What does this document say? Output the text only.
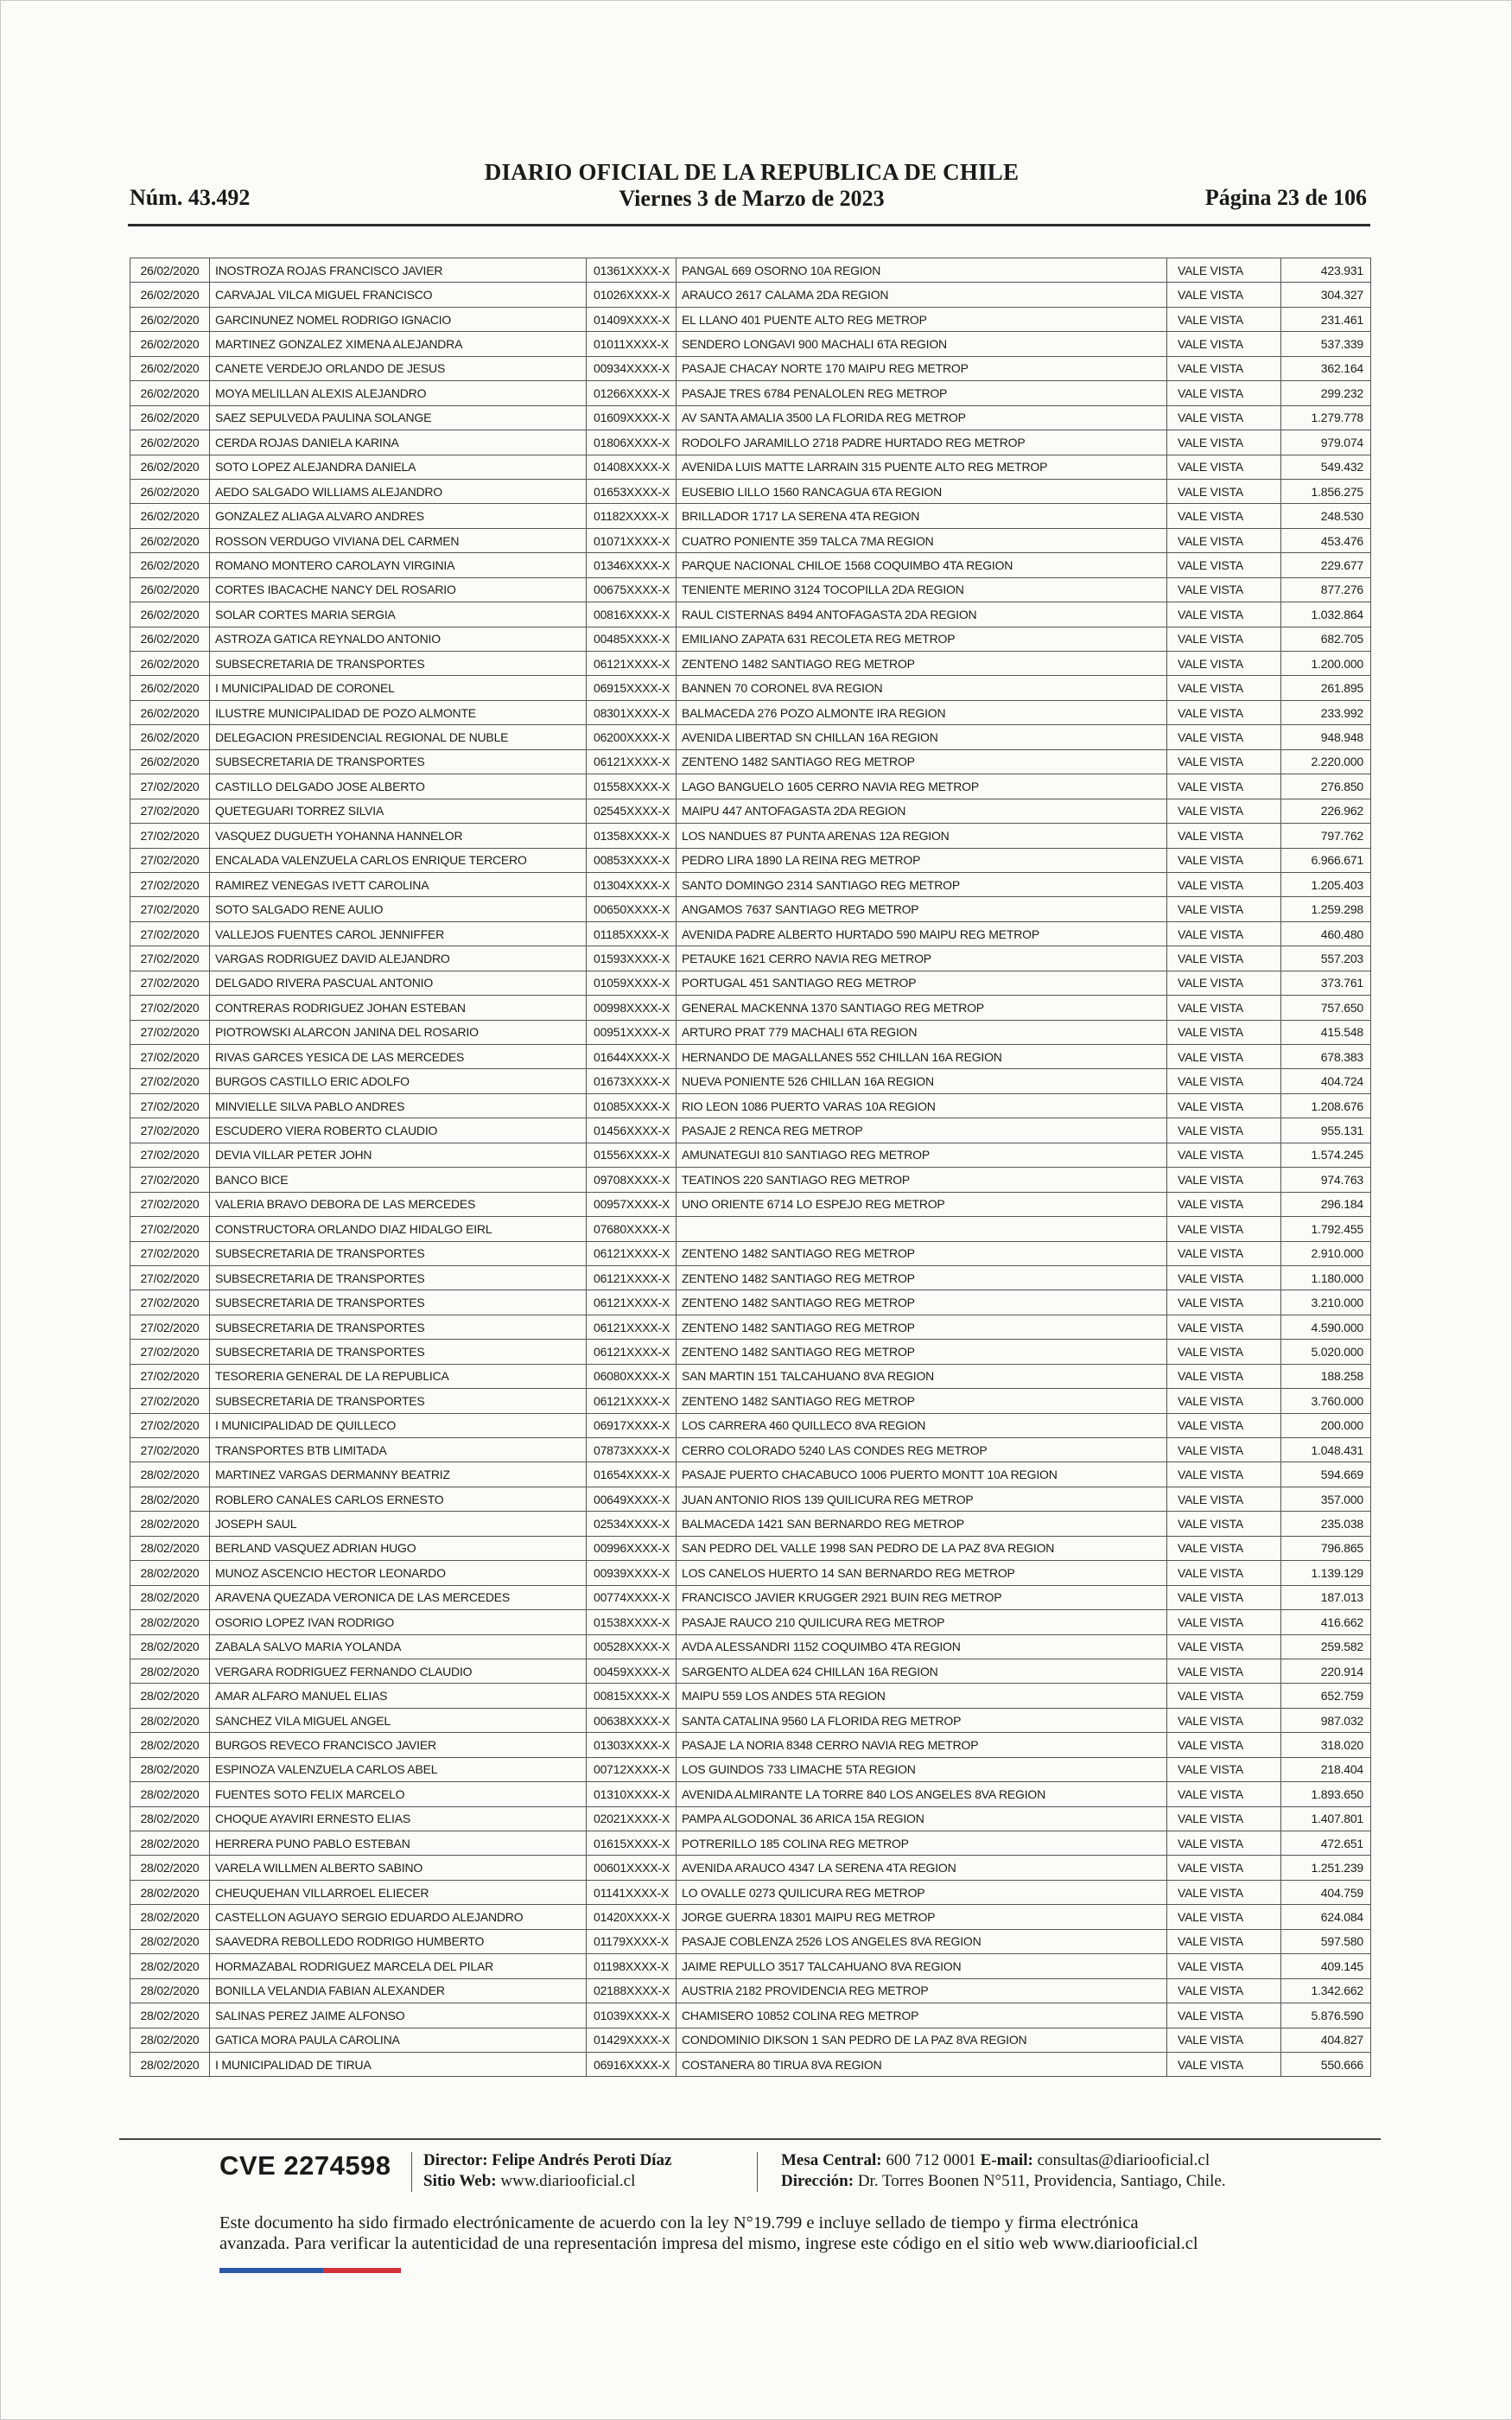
Núm. 43.492
DIARIO OFICIAL DE LA REPUBLICA DE CHILE
Viernes 3 de Marzo de 2023	Página 23 de 106
26/02/2020	INOSTROZA ROJAS FRANCISCO JAVIER	01361XXXX-X	PANGAL 669 OSORNO 10A REGION	VALE VISTA	423.931
26/02/2020	CARVAJAL VILCA MIGUEL FRANCISCO	01026XXXX-X	ARAUCO 2617 CALAMA 2DA REGION	VALE VISTA	304.327
26/02/2020	GARCINUNEZ NOMEL RODRIGO IGNACIO	01409XXXX-X	EL LLANO 401 PUENTE ALTO REG METROP	VALE VISTA	231.461
26/02/2020	MARTINEZ GONZALEZ XIMENA ALEJANDRA	01011XXXX-X	SENDERO LONGAVI 900 MACHALI 6TA REGION	VALE VISTA	537.339
26/02/2020	CANETE VERDEJO ORLANDO DE JESUS	00934XXXX-X	PASAJE CHACAY NORTE 170 MAIPU REG METROP	VALE VISTA	362.164
26/02/2020	MOYA MELILLAN ALEXIS ALEJANDRO	01266XXXX-X	PASAJE TRES 6784 PENALOLEN REG METROP	VALE VISTA	299.232
26/02/2020	SAEZ SEPULVEDA PAULINA SOLANGE	01609XXXX-X	AV SANTA AMALIA 3500 LA FLORIDA REG METROP	VALE VISTA	1.279.778
26/02/2020	CERDA ROJAS DANIELA KARINA	01806XXXX-X	RODOLFO JARAMILLO 2718 PADRE HURTADO REG METROP	VALE VISTA	979.074
26/02/2020	SOTO LOPEZ ALEJANDRA DANIELA	01408XXXX-X	AVENIDA LUIS MATTE LARRAIN 315 PUENTE ALTO REG METROP	VALE VISTA	549.432
26/02/2020	AEDO SALGADO WILLIAMS ALEJANDRO	01653XXXX-X	EUSEBIO LILLO 1560 RANCAGUA 6TA REGION	VALE VISTA	1.856.275
26/02/2020	GONZALEZ ALIAGA ALVARO ANDRES	01182XXXX-X	BRILLADOR 1717 LA SERENA 4TA REGION	VALE VISTA	248.530
26/02/2020	ROSSON VERDUGO VIVIANA DEL CARMEN	01071XXXX-X	CUATRO PONIENTE 359 TALCA 7MA REGION	VALE VISTA	453.476
26/02/2020	ROMANO MONTERO CAROLAYN VIRGINIA	01346XXXX-X	PARQUE NACIONAL CHILOE 1568 COQUIMBO 4TA REGION	VALE VISTA	229.677
26/02/2020	CORTES IBACACHE NANCY DEL ROSARIO	00675XXXX-X	TENIENTE MERINO 3124 TOCOPILLA 2DA REGION	VALE VISTA	877.276
26/02/2020	SOLAR CORTES MARIA SERGIA	00816XXXX-X	RAUL CISTERNAS 8494 ANTOFAGASTA 2DA REGION	VALE VISTA	1.032.864
26/02/2020	ASTROZA GATICA REYNALDO ANTONIO	00485XXXX-X	EMILIANO ZAPATA 631 RECOLETA REG METROP	VALE VISTA	682.705
26/02/2020	SUBSECRETARIA DE TRANSPORTES	06121XXXX-X	ZENTENO 1482 SANTIAGO REG METROP	VALE VISTA	1.200.000
26/02/2020	I MUNICIPALIDAD DE CORONEL	06915XXXX-X	BANNEN 70 CORONEL 8VA REGION	VALE VISTA	261.895
26/02/2020	ILUSTRE MUNICIPALIDAD DE POZO ALMONTE	08301XXXX-X	BALMACEDA 276 POZO ALMONTE IRA REGION	VALE VISTA	233.992
26/02/2020	DELEGACION PRESIDENCIAL REGIONAL DE NUBLE	06200XXXX-X	AVENIDA LIBERTAD SN CHILLAN 16A REGION	VALE VISTA	948.948
26/02/2020	SUBSECRETARIA DE TRANSPORTES	06121XXXX-X	ZENTENO 1482 SANTIAGO REG METROP	VALE VISTA	2.220.000
27/02/2020	CASTILLO DELGADO JOSE ALBERTO	01558XXXX-X	LAGO BANGUELO 1605 CERRO NAVIA REG METROP	VALE VISTA	276.850
27/02/2020	QUETEGUARI TORREZ SILVIA	02545XXXX-X	MAIPU 447 ANTOFAGASTA 2DA REGION	VALE VISTA	226.962
27/02/2020	VASQUEZ DUGUETH YOHANNA HANNELOR	01358XXXX-X	LOS NANDUES 87 PUNTA ARENAS 12A REGION	VALE VISTA	797.762
27/02/2020	ENCALADA VALENZUELA CARLOS ENRIQUE TERCERO	00853XXXX-X	PEDRO LIRA 1890 LA REINA REG METROP	VALE VISTA	6.966.671
27/02/2020	RAMIREZ VENEGAS IVETT CAROLINA	01304XXXX-X	SANTO DOMINGO 2314 SANTIAGO REG METROP	VALE VISTA	1.205.403
27/02/2020	SOTO SALGADO RENE AULIO	00650XXXX-X	ANGAMOS 7637 SANTIAGO REG METROP	VALE VISTA	1.259.298
27/02/2020	VALLEJOS FUENTES CAROL JENNIFFER	01185XXXX-X	AVENIDA PADRE ALBERTO HURTADO 590 MAIPU REG METROP	VALE VISTA	460.480
27/02/2020	VARGAS RODRIGUEZ DAVID ALEJANDRO	01593XXXX-X	PETAUKE 1621 CERRO NAVIA REG METROP	VALE VISTA	557.203
27/02/2020	DELGADO RIVERA PASCUAL ANTONIO	01059XXXX-X	PORTUGAL 451 SANTIAGO REG METROP	VALE VISTA	373.761
27/02/2020	CONTRERAS RODRIGUEZ JOHAN ESTEBAN	00998XXXX-X	GENERAL MACKENNA 1370 SANTIAGO REG METROP	VALE VISTA	757.650
27/02/2020	PIOTROWSKI ALARCON JANINA DEL ROSARIO	00951XXXX-X	ARTURO PRAT 779 MACHALI 6TA REGION	VALE VISTA	415.548
27/02/2020	RIVAS GARCES YESICA DE LAS MERCEDES	01644XXXX-X	HERNANDO DE MAGALLANES 552 CHILLAN 16A REGION	VALE VISTA	678.383
27/02/2020	BURGOS CASTILLO ERIC ADOLFO	01673XXXX-X	NUEVA PONIENTE 526 CHILLAN 16A REGION	VALE VISTA	404.724
27/02/2020	MINVIELLE SILVA PABLO ANDRES	01085XXXX-X	RIO LEON 1086 PUERTO VARAS 10A REGION	VALE VISTA	1.208.676
27/02/2020	ESCUDERO VIERA ROBERTO CLAUDIO	01456XXXX-X	PASAJE 2 RENCA REG METROP	VALE VISTA	955.131
27/02/2020	DEVIA VILLAR PETER JOHN	01556XXXX-X	AMUNATEGUI 810 SANTIAGO REG METROP	VALE VISTA	1.574.245
27/02/2020	BANCO BICE	09708XXXX-X	TEATINOS 220 SANTIAGO REG METROP	VALE VISTA	974.763
27/02/2020	VALERIA BRAVO DEBORA DE LAS MERCEDES	00957XXXX-X	UNO ORIENTE 6714 LO ESPEJO REG METROP	VALE VISTA	296.184
27/02/2020	CONSTRUCTORA ORLANDO DIAZ HIDALGO EIRL	07680XXXX-X		VALE VISTA	1.792.455
27/02/2020	SUBSECRETARIA DE TRANSPORTES	06121XXXX-X	ZENTENO 1482 SANTIAGO REG METROP	VALE VISTA	2.910.000
27/02/2020	SUBSECRETARIA DE TRANSPORTES	06121XXXX-X	ZENTENO 1482 SANTIAGO REG METROP	VALE VISTA	1.180.000
27/02/2020	SUBSECRETARIA DE TRANSPORTES	06121XXXX-X	ZENTENO 1482 SANTIAGO REG METROP	VALE VISTA	3.210.000
27/02/2020	SUBSECRETARIA DE TRANSPORTES	06121XXXX-X	ZENTENO 1482 SANTIAGO REG METROP	VALE VISTA	4.590.000
27/02/2020	SUBSECRETARIA DE TRANSPORTES	06121XXXX-X	ZENTENO 1482 SANTIAGO REG METROP	VALE VISTA	5.020.000
27/02/2020	TESORERIA GENERAL DE LA REPUBLICA	06080XXXX-X	SAN MARTIN 151 TALCAHUANO 8VA REGION	VALE VISTA	188.258
27/02/2020	SUBSECRETARIA DE TRANSPORTES	06121XXXX-X	ZENTENO 1482 SANTIAGO REG METROP	VALE VISTA	3.760.000
27/02/2020	I MUNICIPALIDAD DE QUILLECO	06917XXXX-X	LOS CARRERA 460 QUILLECO 8VA REGION	VALE VISTA	200.000
27/02/2020	TRANSPORTES BTB LIMITADA	07873XXXX-X	CERRO COLORADO 5240 LAS CONDES REG METROP	VALE VISTA	1.048.431
28/02/2020	MARTINEZ VARGAS DERMANNY BEATRIZ	01654XXXX-X	PASAJE PUERTO CHACABUCO 1006 PUERTO MONTT 10A REGION	VALE VISTA	594.669
28/02/2020	ROBLERO CANALES CARLOS ERNESTO	00649XXXX-X	JUAN ANTONIO RIOS 139 QUILICURA REG METROP	VALE VISTA	357.000
28/02/2020	JOSEPH SAUL	02534XXXX-X	BALMACEDA 1421 SAN BERNARDO REG METROP	VALE VISTA	235.038
28/02/2020	BERLAND VASQUEZ ADRIAN HUGO	00996XXXX-X	SAN PEDRO DEL VALLE 1998 SAN PEDRO DE LA PAZ 8VA REGION	VALE VISTA	796.865
28/02/2020	MUNOZ ASCENCIO HECTOR LEONARDO	00939XXXX-X	LOS CANELOS HUERTO 14 SAN BERNARDO REG METROP	VALE VISTA	1.139.129
28/02/2020	ARAVENA QUEZADA VERONICA DE LAS MERCEDES	00774XXXX-X	FRANCISCO JAVIER KRUGGER 2921 BUIN REG METROP	VALE VISTA	187.013
28/02/2020	OSORIO LOPEZ IVAN RODRIGO	01538XXXX-X	PASAJE RAUCO 210 QUILICURA REG METROP	VALE VISTA	416.662
28/02/2020	ZABALA SALVO MARIA YOLANDA	00528XXXX-X	AVDA ALESSANDRI 1152 COQUIMBO 4TA REGION	VALE VISTA	259.582
28/02/2020	VERGARA RODRIGUEZ FERNANDO CLAUDIO	00459XXXX-X	SARGENTO ALDEA 624 CHILLAN 16A REGION	VALE VISTA	220.914
28/02/2020	AMAR ALFARO MANUEL ELIAS	00815XXXX-X	MAIPU 559 LOS ANDES 5TA REGION	VALE VISTA	652.759
28/02/2020	SANCHEZ VILA MIGUEL ANGEL	00638XXXX-X	SANTA CATALINA 9560 LA FLORIDA REG METROP	VALE VISTA	987.032
28/02/2020	BURGOS REVECO FRANCISCO JAVIER	01303XXXX-X	PASAJE LA NORIA 8348 CERRO NAVIA REG METROP	VALE VISTA	318.020
28/02/2020	ESPINOZA VALENZUELA CARLOS ABEL	00712XXXX-X	LOS GUINDOS 733 LIMACHE 5TA REGION	VALE VISTA	218.404
28/02/2020	FUENTES SOTO FELIX MARCELO	01310XXXX-X	AVENIDA ALMIRANTE LA TORRE 840 LOS ANGELES 8VA REGION	VALE VISTA	1.893.650
28/02/2020	CHOQUE AYAVIRI ERNESTO ELIAS	02021XXXX-X	PAMPA ALGODONAL 36 ARICA 15A REGION	VALE VISTA	1.407.801
28/02/2020	HERRERA PUNO PABLO ESTEBAN	01615XXXX-X	POTRERILLO 185 COLINA REG METROP	VALE VISTA	472.651
28/02/2020	VARELA WILLMEN ALBERTO SABINO	00601XXXX-X	AVENIDA ARAUCO 4347 LA SERENA 4TA REGION	VALE VISTA	1.251.239
28/02/2020	CHEUQUEHAN VILLARROEL ELIECER	01141XXXX-X	LO OVALLE 0273 QUILICURA REG METROP	VALE VISTA	404.759
28/02/2020	CASTELLON AGUAYO SERGIO EDUARDO ALEJANDRO	01420XXXX-X	JORGE GUERRA 18301 MAIPU REG METROP	VALE VISTA	624.084
28/02/2020	SAAVEDRA REBOLLEDO RODRIGO HUMBERTO	01179XXXX-X	PASAJE COBLENZA 2526 LOS ANGELES 8VA REGION	VALE VISTA	597.580
28/02/2020	HORMAZABAL RODRIGUEZ MARCELA DEL PILAR	01198XXXX-X	JAIME REPULLO 3517 TALCAHUANO 8VA REGION	VALE VISTA	409.145
28/02/2020	BONILLA VELANDIA FABIAN ALEXANDER	02188XXXX-X	AUSTRIA 2182 PROVIDENCIA REG METROP	VALE VISTA	1.342.662
28/02/2020	SALINAS PEREZ JAIME ALFONSO	01039XXXX-X	CHAMISERO 10852 COLINA REG METROP	VALE VISTA	5.876.590
28/02/2020	GATICA MORA PAULA CAROLINA	01429XXXX-X	CONDOMINIO DIKSON 1 SAN PEDRO DE LA PAZ 8VA REGION	VALE VISTA	404.827
28/02/2020	I MUNICIPALIDAD DE TIRUA	06916XXXX-X	COSTANERA 80 TIRUA 8VA REGION	VALE VISTA	550.666
CVE 2274598 Director: Felipe Andrés Peroti Díaz
Sitio Web: www.diariooficial.cl
Mesa Central: 600 712 0001 E-mail: consultas@diariooficial.cl
Dirección: Dr. Torres Boonen N°511, Providencia, Santiago, Chile.
Este documento ha sido firmado electrónicamente de acuerdo con la ley N°19.799 e incluye sellado de tiempo y firma electrónica
avanzada. Para verificar la autenticidad de una representación impresa del mismo, ingrese este código en el sitio web www.diariooficial.cl
